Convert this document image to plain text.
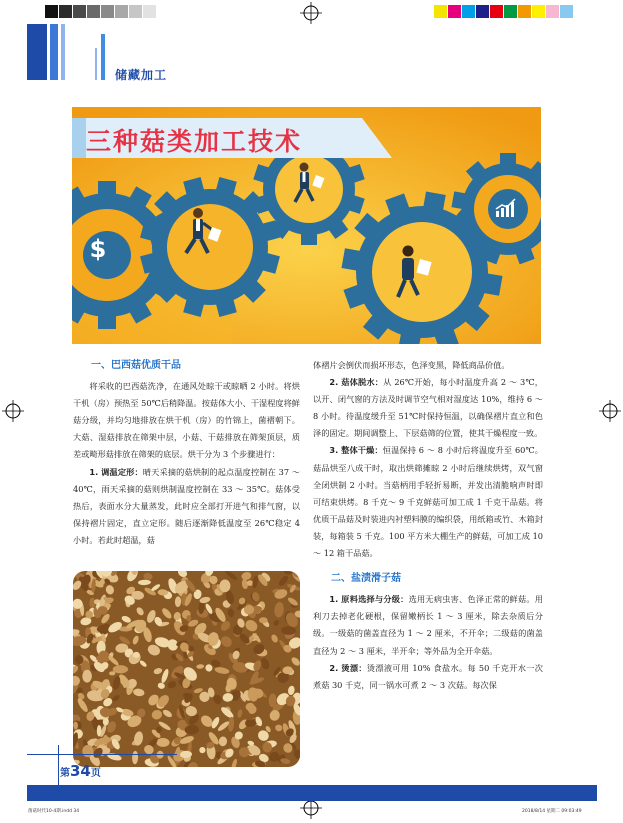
储藏加工
$
三种菇类加工技术
一、巴西菇优质干品

将采收的巴西菇洗净，在通风处晾干或晾晒 2 小时。将烘干机（房）预热至 50℃后稍降温。按菇体大小、干湿程度将鲜菇分级，并均匀地排放在烘干机（房）的竹锦上，菌褶朝下。大菇、湿菇排放在筛架中层，小菇、干菇排放在筛架顶层，质差或畸形菇排放在筛架的底层。烘干分为 3 个步骤进行：

1. 调温定形：晴天采摘的菇烘制的起点温度控制在 37 ～ 40℃，雨天采摘的菇则烘制温度控制在 33 ～ 35℃。菇体受热后，表面水分大量蒸发，此时应全部打开进气和排气窗，以保持褶片固定，直立定形。随后逐渐降低温度至 26℃稳定 4 小时。若此时超温，菇

体褶片会倒伏而损坏形态，色泽变黑，降低商品价值。

2. 菇体脱水：从 26℃开始，每小时温度升高 2 ～ 3℃，以开、闭气窗的方法及时调节空气相对湿度达 10%，维持 6 ～ 8 小时。待温度缓升至 51℃时保持恒温，以确保褶片直立和色泽的固定。期间调整上、下层菇筛的位置，使其干燥程度一致。

3. 整体干燥：恒温保持 6 ～ 8 小时后将温度升至 60℃。菇品烘至八成干时，取出烘筛摊晾 2 小时后继续烘烤，双气窗全闭烘制 2 小时。当菇柄用手轻折易断，并发出清脆响声时即可结束烘烤。8 千克～ 9 千克鲜菇可加工成 1 千克干品菇。将优质干品菇及时装进内衬塑料膜的编织袋，用纸箱或竹、木箱封装，每箱装 5 千克。100 平方米大棚生产的鲜菇，可加工成 10 ～ 12 箱干品菇。

二、盐渍滑子菇

1. 原料选择与分级：选用无病虫害、色泽正常的鲜菇。用利刀去掉老化硬根，保留嫩柄长 1 ～ 3 厘米，除去杂质后分级。一级菇的菌盖直径为 1 ～ 2 厘米，不开伞；二级菇的菌盖直径为 2 ～ 3 厘米，半开伞；等外品为全开伞菇。

2. 烫漂：烫漂液可用 10% 食盐水。每 50 千克开水一次煮菇 30 千克，同一锅水可煮 2 ～ 3 次菇。每次保

第34页
菌菇时代10-4期.indd 34	2018/8/14 星期二 09:03:49
